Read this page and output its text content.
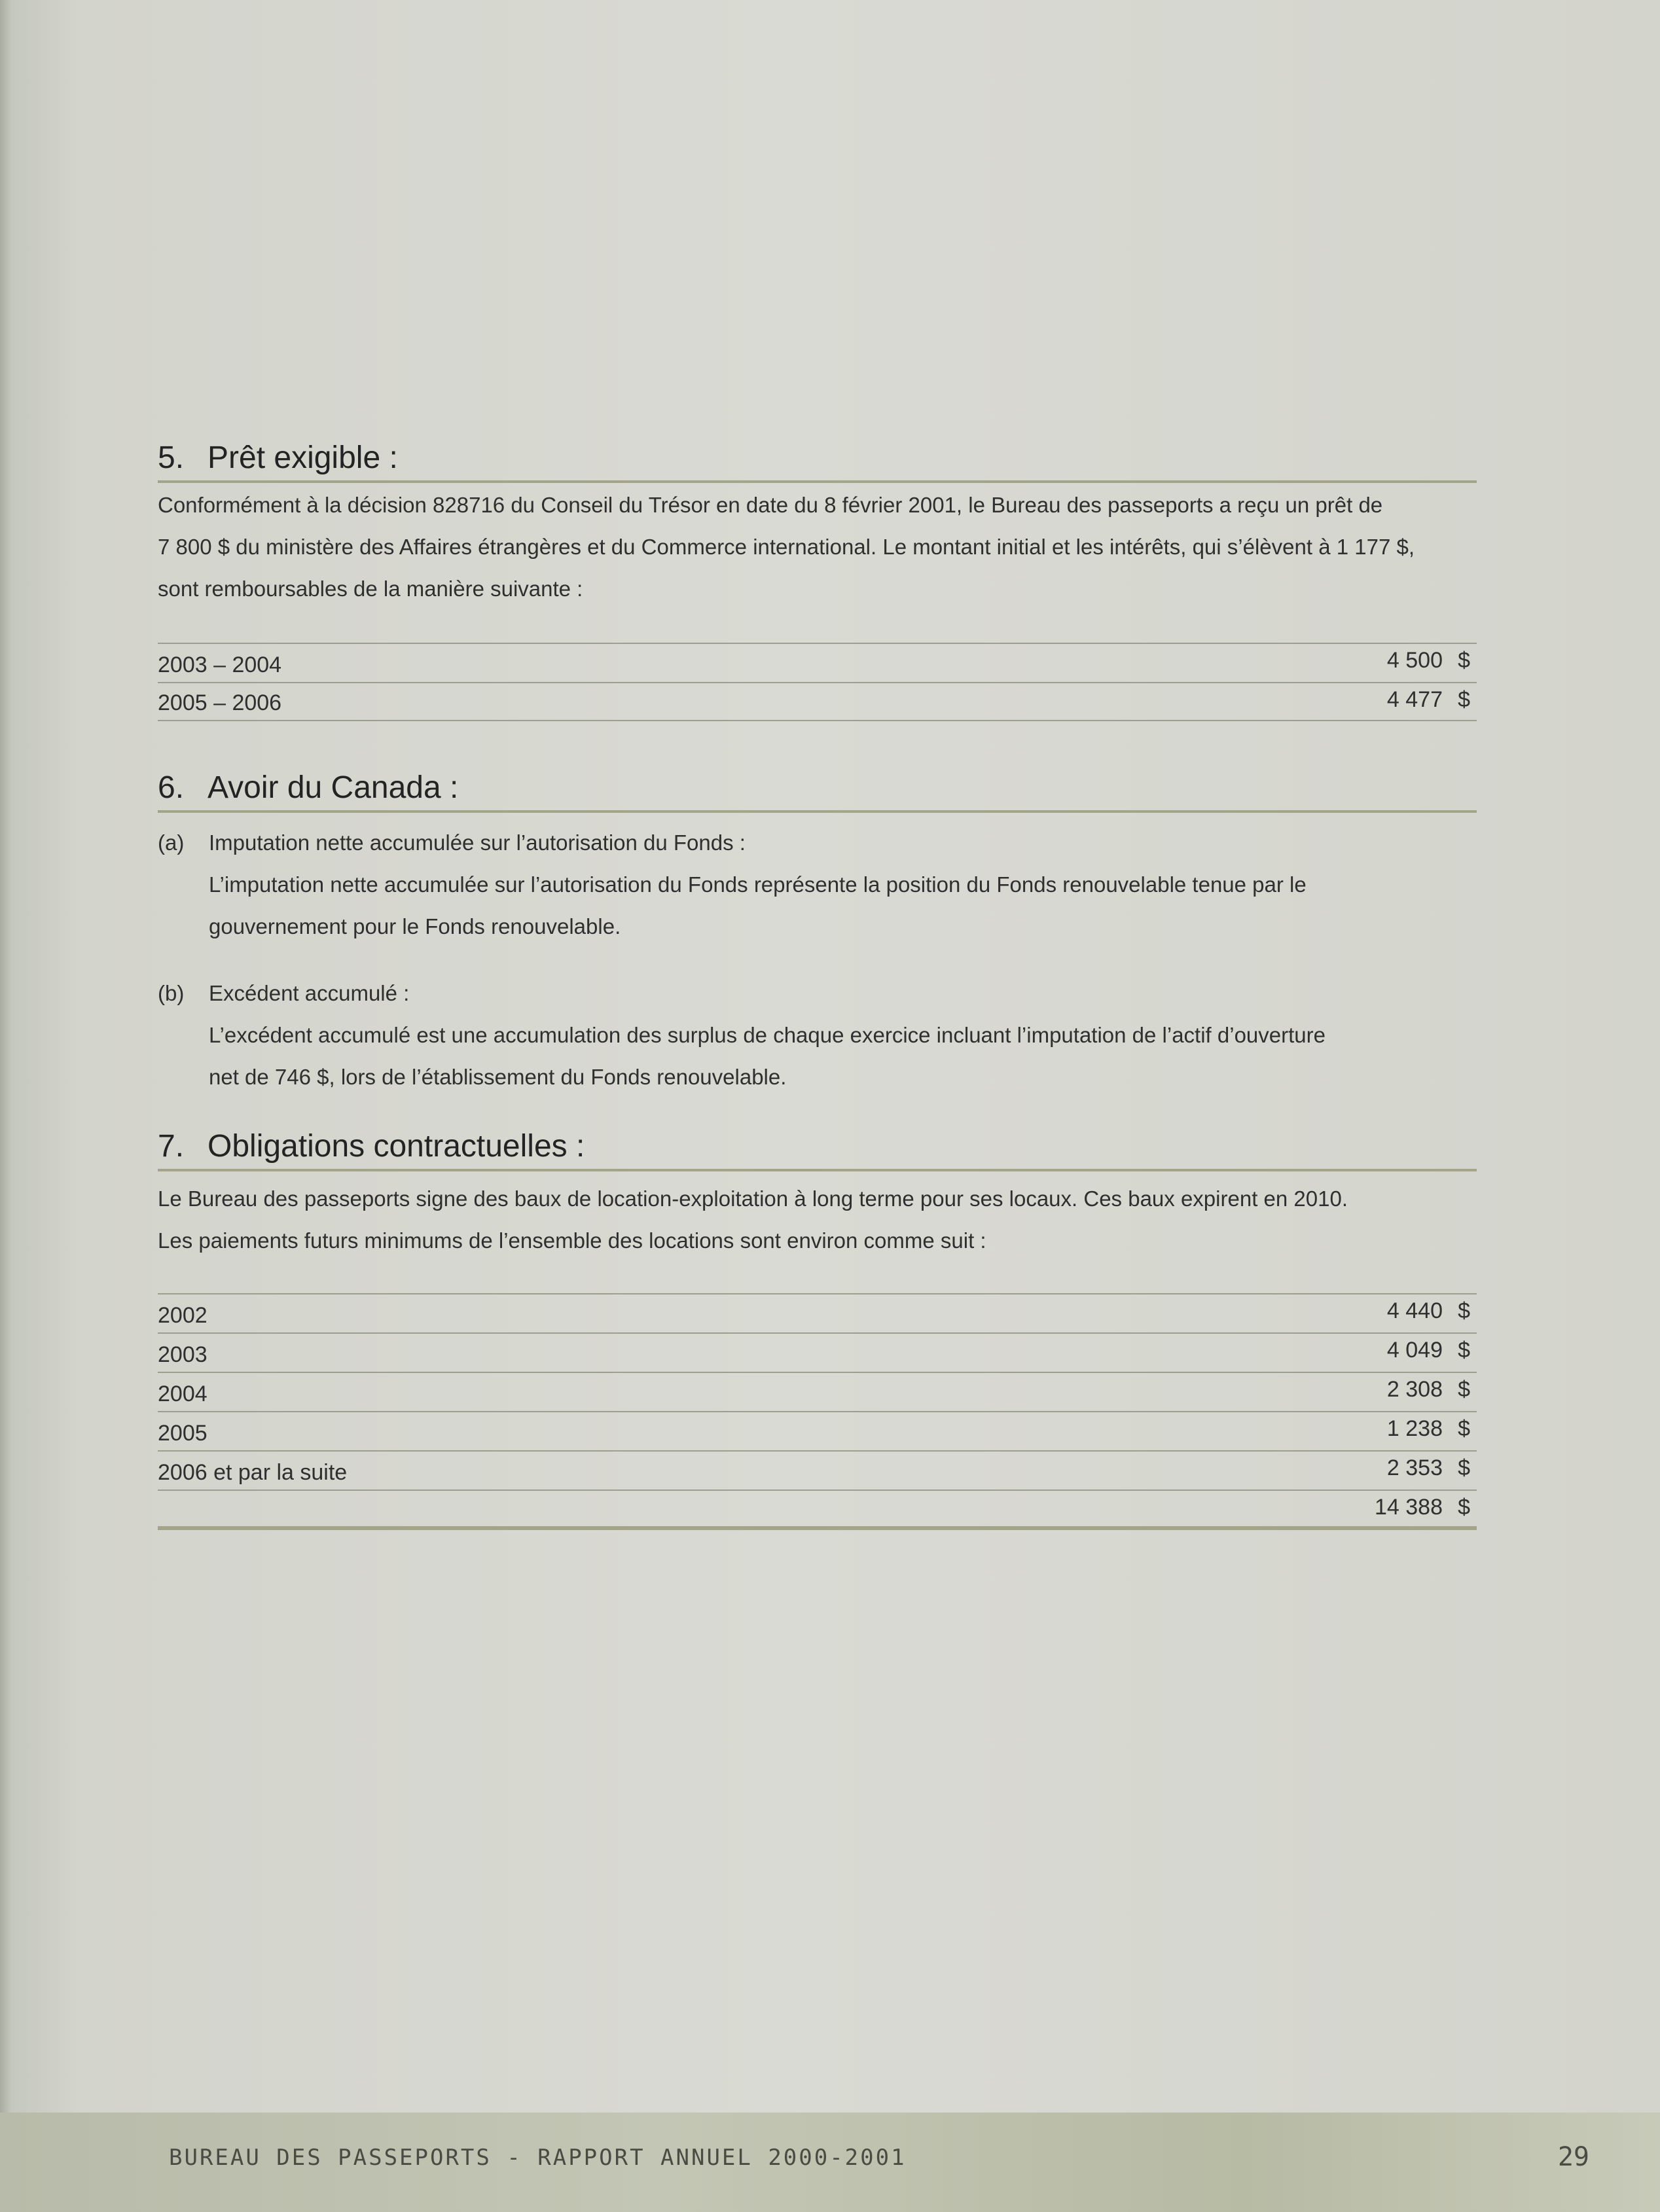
5. Prêt exigible :

Conformément à la décision 828716 du Conseil du Trésor en date du 8 février 2001, le Bureau des passeports a reçu un prêt de

7 800 $ du ministère des Affaires étrangères et du Commerce international. Le montant initial et les intérêts, qui s’élèvent à 1 177 $,

sont remboursables de la manière suivante :

2003 – 2004	4 500 $
2005 – 2006	4 477 $
6. Avoir du Canada :
(a) Imputation nette accumulée sur l’autorisation du Fonds :

L’imputation nette accumulée sur l’autorisation du Fonds représente la position du Fonds renouvelable tenue par le

gouvernement pour le Fonds renouvelable.

(b) Excédent accumulé :

L’excédent accumulé est une accumulation des surplus de chaque exercice incluant l’imputation de l’actif d’ouverture

net de 746 $, lors de l’établissement du Fonds renouvelable.

7. Obligations contractuelles :

Le Bureau des passeports signe des baux de location-exploitation à long terme pour ses locaux. Ces baux expirent en 2010.

Les paiements futurs minimums de l’ensemble des locations sont environ comme suit :

2002	4 440 $
2003	4 049 $
2004	2 308 $
2005	1 238 $
2006 et par la suite	2 353 $
14 388 $
BUREAU DES PASSEPORTS - RAPPORT ANNUEL 2000-2001	29
